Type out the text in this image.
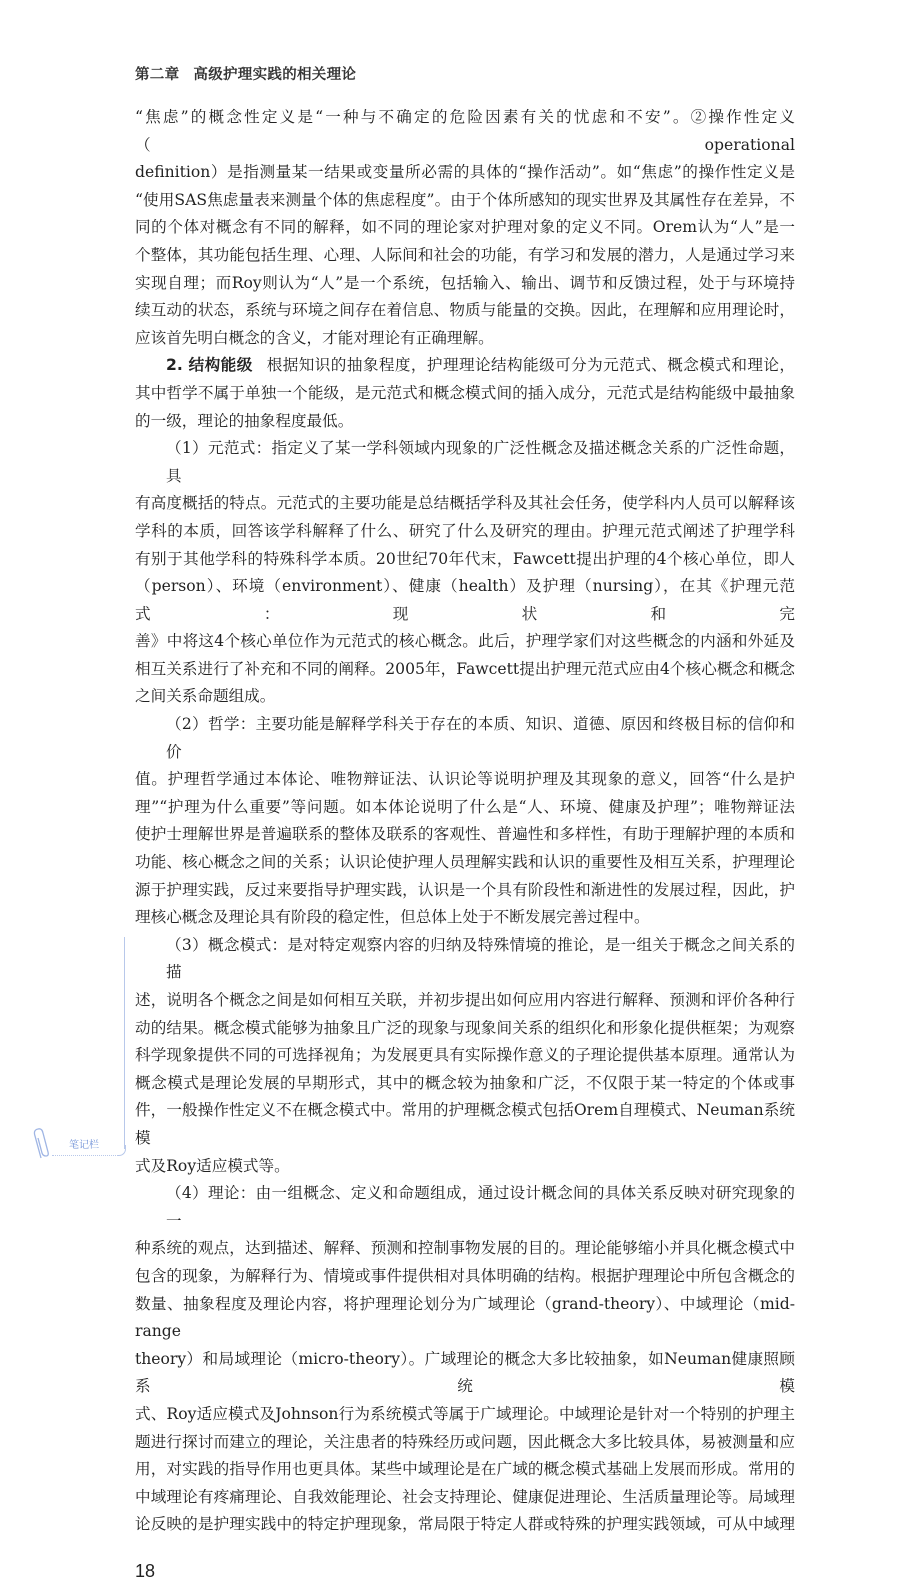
第二章 高级护理实践的相关理论
“焦虑”的概念性定义是“一种与不确定的危险因素有关的忧虑和不安”。②操作性定义（operational
definition）是指测量某一结果或变量所必需的具体的“操作活动”。如“焦虑”的操作性定义是
“使用SAS焦虑量表来测量个体的焦虑程度”。由于个体所感知的现实世界及其属性存在差异，不
同的个体对概念有不同的解释，如不同的理论家对护理对象的定义不同。Orem认为“人”是一
个整体，其功能包括生理、心理、人际间和社会的功能，有学习和发展的潜力，人是通过学习来
实现自理；而Roy则认为“人”是一个系统，包括输入、输出、调节和反馈过程，处于与环境持
续互动的状态，系统与环境之间存在着信息、物质与能量的交换。因此，在理解和应用理论时，
应该首先明白概念的含义，才能对理论有正确理解。
2. 结构能级 根据知识的抽象程度，护理理论结构能级可分为元范式、概念模式和理论，
其中哲学不属于单独一个能级，是元范式和概念模式间的插入成分，元范式是结构能级中最抽象
的一级，理论的抽象程度最低。
（1）元范式：指定义了某一学科领域内现象的广泛性概念及描述概念关系的广泛性命题，具
有高度概括的特点。元范式的主要功能是总结概括学科及其社会任务，使学科内人员可以解释该
学科的本质，回答该学科解释了什么、研究了什么及研究的理由。护理元范式阐述了护理学科
有别于其他学科的特殊科学本质。20世纪70年代末，Fawcett提出护理的4个核心单位，即人
（person）、环境（environment）、健康（health）及护理（nursing），在其《护理元范式：现状和完
善》中将这4个核心单位作为元范式的核心概念。此后，护理学家们对这些概念的内涵和外延及
相互关系进行了补充和不同的阐释。2005年，Fawcett提出护理元范式应由4个核心概念和概念
之间关系命题组成。
（2）哲学：主要功能是解释学科关于存在的本质、知识、道德、原因和终极目标的信仰和价
值。护理哲学通过本体论、唯物辩证法、认识论等说明护理及其现象的意义，回答“什么是护
理”“护理为什么重要”等问题。如本体论说明了什么是“人、环境、健康及护理”；唯物辩证法
使护士理解世界是普遍联系的整体及联系的客观性、普遍性和多样性，有助于理解护理的本质和
功能、核心概念之间的关系；认识论使护理人员理解实践和认识的重要性及相互关系，护理理论
源于护理实践，反过来要指导护理实践，认识是一个具有阶段性和渐进性的发展过程，因此，护
理核心概念及理论具有阶段的稳定性，但总体上处于不断发展完善过程中。
（3）概念模式：是对特定观察内容的归纳及特殊情境的推论，是一组关于概念之间关系的描
述，说明各个概念之间是如何相互关联，并初步提出如何应用内容进行解释、预测和评价各种行
动的结果。概念模式能够为抽象且广泛的现象与现象间关系的组织化和形象化提供框架；为观察
科学现象提供不同的可选择视角；为发展更具有实际操作意义的子理论提供基本原理。通常认为
概念模式是理论发展的早期形式，其中的概念较为抽象和广泛，不仅限于某一特定的个体或事
件，一般操作性定义不在概念模式中。常用的护理概念模式包括Orem自理模式、Neuman系统模
式及Roy适应模式等。
（4）理论：由一组概念、定义和命题组成，通过设计概念间的具体关系反映对研究现象的一
种系统的观点，达到描述、解释、预测和控制事物发展的目的。理论能够缩小并具化概念模式中
包含的现象，为解释行为、情境或事件提供相对具体明确的结构。根据护理理论中所包含概念的
数量、抽象程度及理论内容，将护理理论划分为广域理论（grand-theory）、中域理论（mid-range
theory）和局域理论（micro-theory）。广域理论的概念大多比较抽象，如Neuman健康照顾系统模
式、Roy适应模式及Johnson行为系统模式等属于广域理论。中域理论是针对一个特别的护理主
题进行探讨而建立的理论，关注患者的特殊经历或问题，因此概念大多比较具体，易被测量和应
用，对实践的指导作用也更具体。某些中域理论是在广域的概念模式基础上发展而形成。常用的
中域理论有疼痛理论、自我效能理论、社会支持理论、健康促进理论、生活质量理论等。局域理
论反映的是护理实践中的特定护理现象，常局限于特定人群或特殊的护理实践领域，可从中域理
18
笔记栏
